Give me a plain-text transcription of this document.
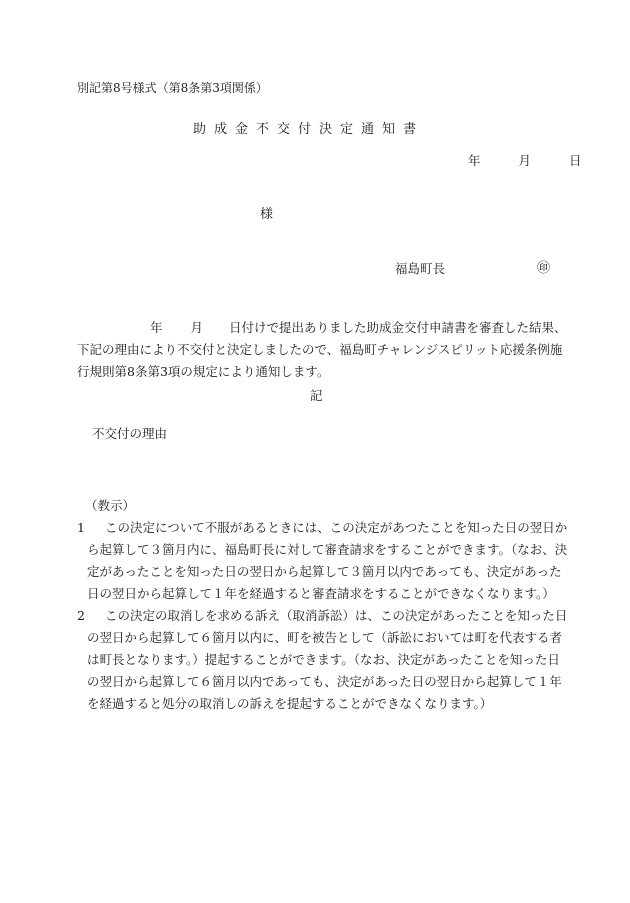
別記第8号様式（第8条第3項関係）
助成金不交付決定通知書
年	月	日
様
福島町長	㊞
年 月 日付けで提出ありました助成金交付申請書を審査した結果、
下記の理由により不交付と決定しましたので、福島町チャレンジスピリット応援条例施
行規則第8条第3項の規定により通知します。
記
不交付の理由
（教示）
1 この決定について不服があるときには、この決定があつたことを知った日の翌日か
ら起算して３箇月内に、福島町長に対して審査請求をすることができます。（なお、決
定があったことを知った日の翌日から起算して３箇月以内であっても、決定があった
日の翌日から起算して１年を経過すると審査請求をすることができなくなります。）
2 この決定の取消しを求める訴え（取消訴訟）は、この決定があったことを知った日
の翌日から起算して６箇月以内に、町を被告として（訴訟においては町を代表する者
は町長となります。）提起することができます。（なお、決定があったことを知った日
の翌日から起算して６箇月以内であっても、決定があった日の翌日から起算して１年
を経過すると処分の取消しの訴えを提起することができなくなります。）
